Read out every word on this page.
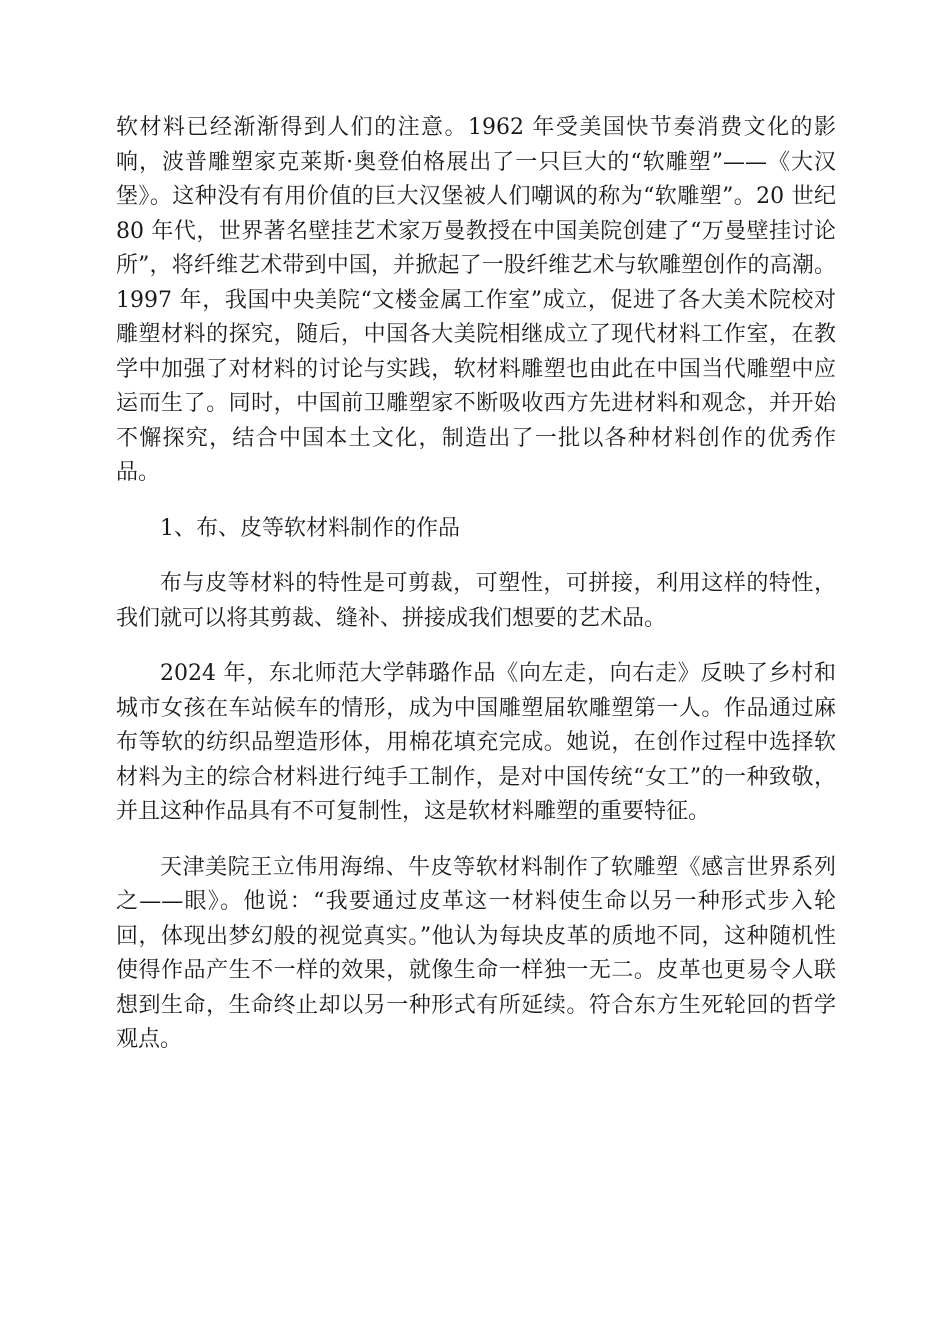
软材料已经渐渐得到人们的注意。1962 年受美国快节奏消费文化的影响，波普雕塑家克莱斯·奥登伯格展出了一只巨大的“软雕塑”——《大汉堡》。这种没有有用价值的巨大汉堡被人们嘲讽的称为“软雕塑”。20 世纪 80 年代，世界著名壁挂艺术家万曼教授在中国美院创建了“万曼壁挂讨论所”，将纤维艺术带到中国，并掀起了一股纤维艺术与软雕塑创作的高潮。1997 年，我国中央美院“文楼金属工作室”成立，促进了各大美术院校对雕塑材料的探究，随后，中国各大美院相继成立了现代材料工作室，在教学中加强了对材料的讨论与实践，软材料雕塑也由此在中国当代雕塑中应运而生了。同时，中国前卫雕塑家不断吸收西方先进材料和观念，并开始不懈探究，结合中国本土文化，制造出了一批以各种材料创作的优秀作品。

1、布、皮等软材料制作的作品

布与皮等材料的特性是可剪裁，可塑性，可拼接，利用这样的特性，我们就可以将其剪裁、缝补、拼接成我们想要的艺术品。

2024 年，东北师范大学韩璐作品《向左走，向右走》反映了乡村和城市女孩在车站候车的情形，成为中国雕塑届软雕塑第一人。作品通过麻布等软的纺织品塑造形体，用棉花填充完成。她说，在创作过程中选择软材料为主的综合材料进行纯手工制作，是对中国传统“女工”的一种致敬，并且这种作品具有不可复制性，这是软材料雕塑的重要特征。

天津美院王立伟用海绵、牛皮等软材料制作了软雕塑《感言世界系列之——眼》。他说：“我要通过皮革这一材料使生命以另一种形式步入轮回，体现出梦幻般的视觉真实。”他认为每块皮革的质地不同，这种随机性使得作品产生不一样的效果，就像生命一样独一无二。皮革也更易令人联想到生命，生命终止却以另一种形式有所延续。符合东方生死轮回的哲学观点。
